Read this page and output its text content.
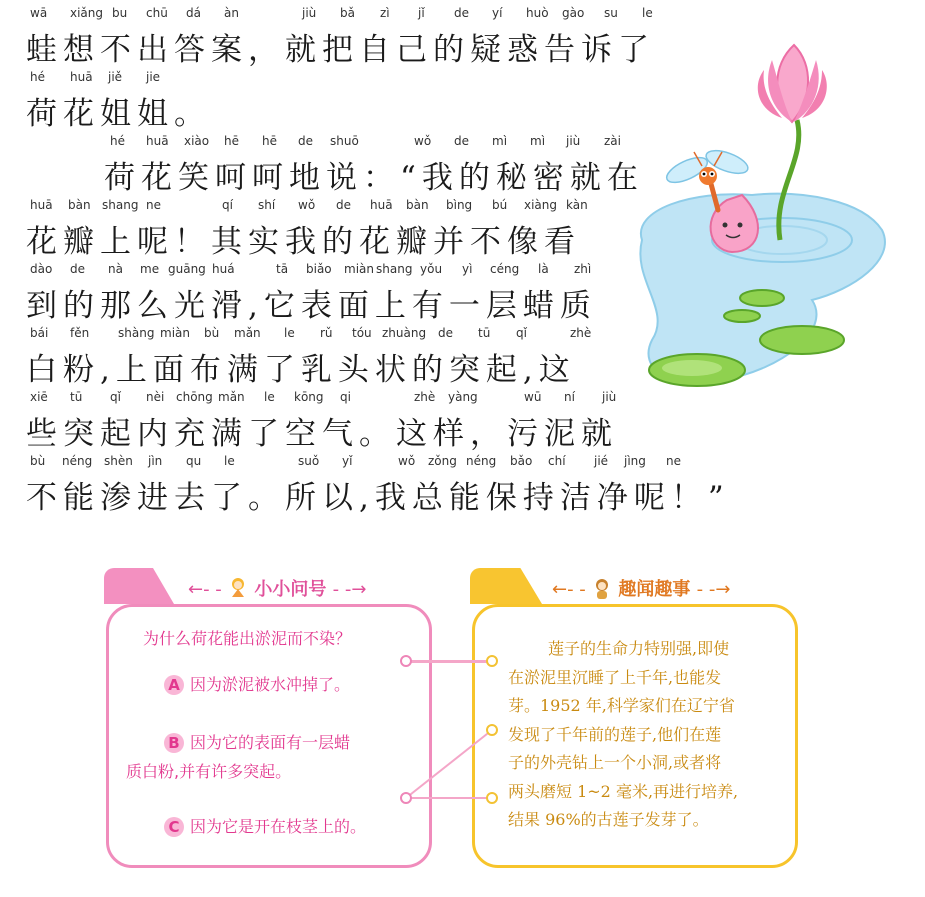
wā xiǎng bu chū dá àn	jiù bǎ zì jǐ de yí huò gào su le
蛙想不出答案，就把自己的疑惑告诉了
hé huā jiě jie
荷花姐姐。
hé huā xiào hē hē de shuō	wǒ de mì mì jiù zài
荷花笑呵呵地说：“我的秘密就在
huā bàn shang ne	qí shí wǒ de huā bàn bìng bú xiàng kàn
花瓣上呢！其实我的花瓣并不像看
dào de nà me guāng huá	tā biǎo miàn shang yǒu yì céng là zhì
到的那么光滑,它表面上有一层蜡质
bái fěn shàng miàn bù mǎn le rǔ tóu zhuàng de tū qǐ	zhè
白粉,上面布满了乳头状的突起,这
xiē tū qǐ nèi chōng mǎn le kōng qi	zhè yàng	wū ní jiù
些突起内充满了空气。这样，污泥就
bù néng shèn jìn qu le	suǒ yǐ	wǒ zǒng néng bǎo chí jié jìng ne
不能渗进去了。所以,我总能保持洁净呢！”
←- - 小小问号 - -→
为什么荷花能出淤泥而不染？
A 因为淤泥被水冲掉了。
B 因为它的表面有一层蜡
质白粉,并有许多突起。
C 因为它是开在枝茎上的。
←- - 趣闻趣事 - -→
莲子的生命力特别强,即使
在淤泥里沉睡了上千年,也能发
芽。1952 年,科学家们在辽宁省
发现了千年前的莲子,他们在莲
子的外壳钻上一个小洞,或者将
两头磨短 1~2 毫米,再进行培养,
结果 96%的古莲子发芽了。
